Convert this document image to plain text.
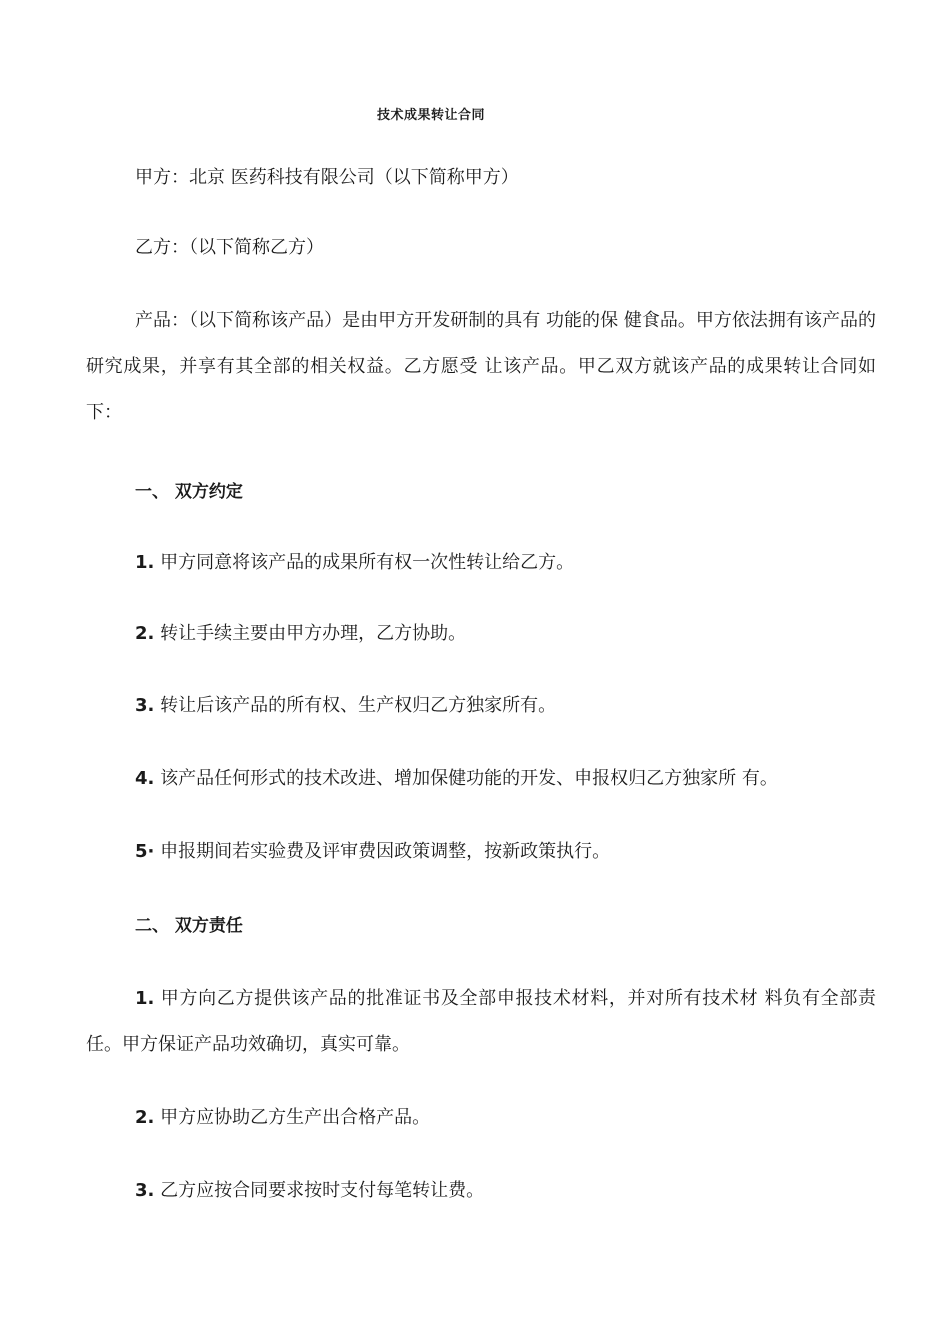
技术成果转让合同
甲方：北京 医药科技有限公司（以下简称甲方）
乙方：（以下简称乙方）
产品：（以下简称该产品）是由甲方开发研制的具有 功能的保 健食品。甲方依法拥有该产品的研究成果，并享有其全部的相关权益。乙方愿受 让该产品。甲乙双方就该产品的成果转让合同如下：
一、 双方约定
1. 甲方同意将该产品的成果所有权一次性转让给乙方。
2. 转让手续主要由甲方办理，乙方协助。
3. 转让后该产品的所有权、生产权归乙方独家所有。
4. 该产品任何形式的技术改进、增加保健功能的开发、申报权归乙方独家所 有。
5· 申报期间若实验费及评审费因政策调整，按新政策执行。
二、 双方责任
1. 甲方向乙方提供该产品的批准证书及全部申报技术材料，并对所有技术材 料负有全部责任。甲方保证产品功效确切，真实可靠。
2. 甲方应协助乙方生产出合格产品。
3. 乙方应按合同要求按时支付每笔转让费。
